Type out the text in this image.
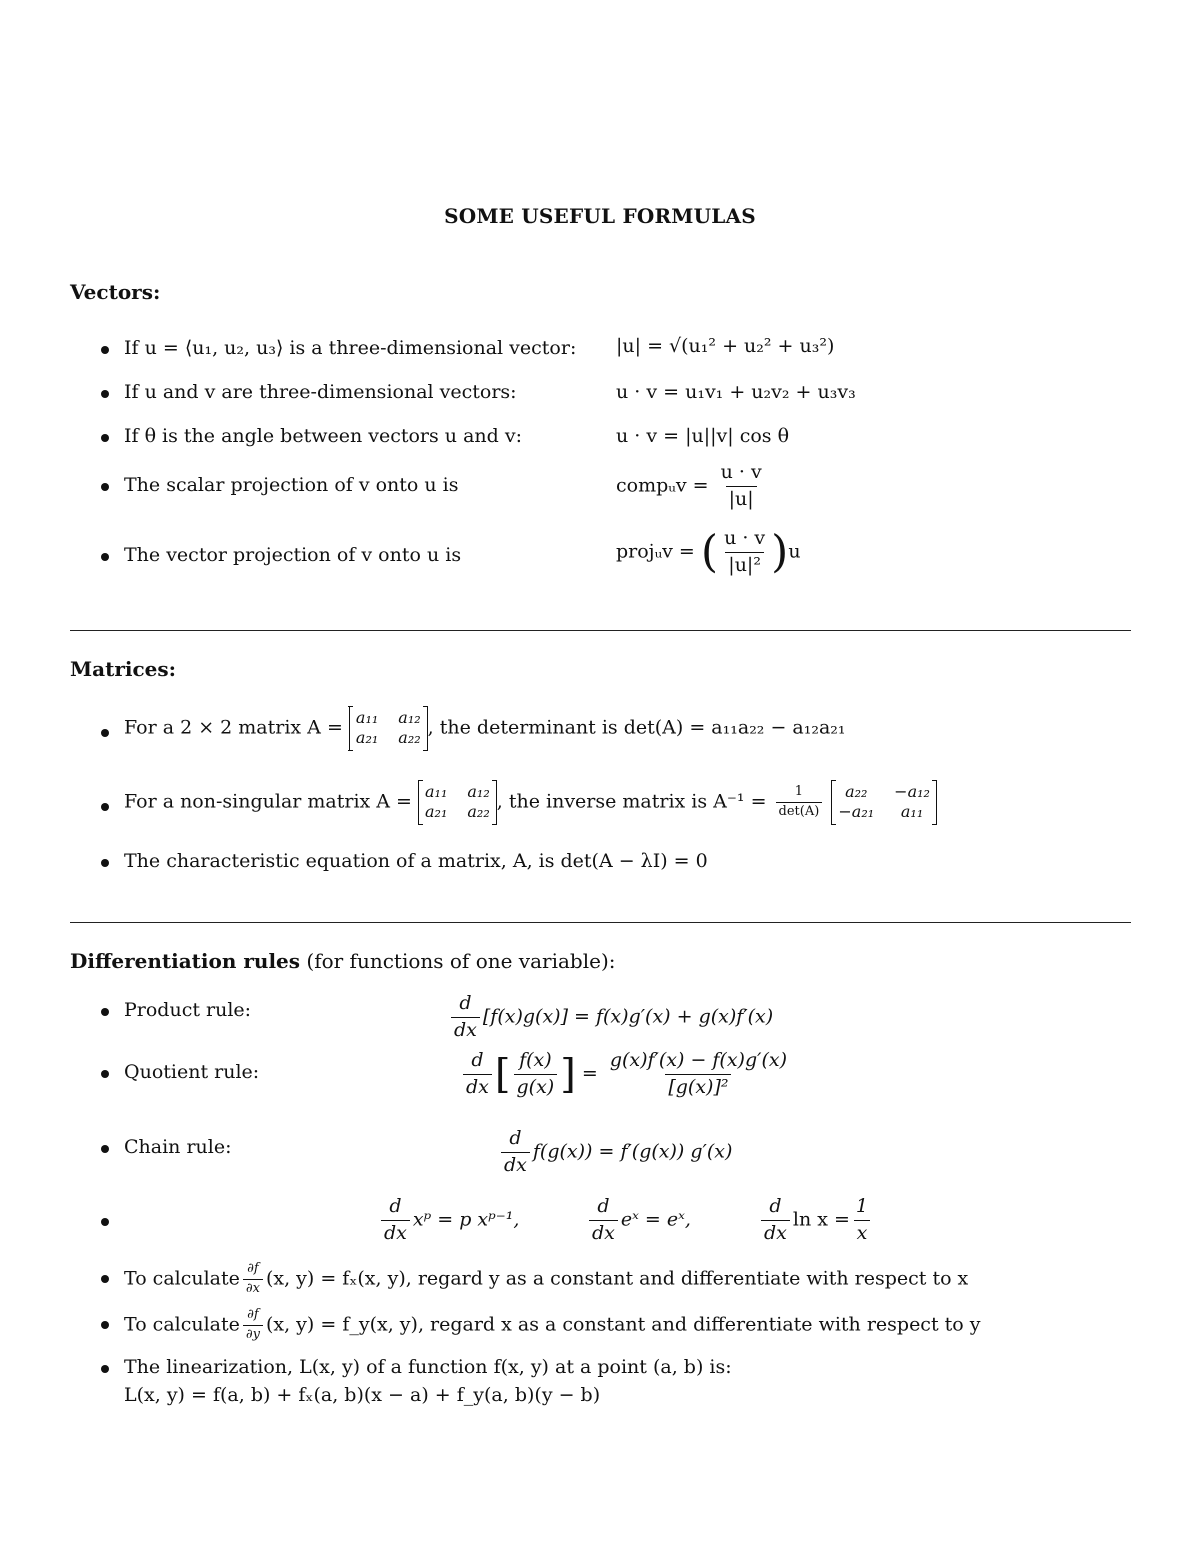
SOME USEFUL FORMULAS
Vectors:
If u = ⟨u₁, u₂, u₃⟩ is a three-dimensional vector: |u| = √(u₁² + u₂² + u₃²)
If u and v are three-dimensional vectors:	u · v = u₁v₁ + u₂v₂ + u₃v₃
If θ is the angle between vectors u and v:	u · v = |u||v| cos θ
The scalar projection of v onto u is	compᵤv = $\frac{u \cdot v}{|u|}$
The vector projection of v onto u is	projᵤv = ( $\frac{u \cdot v}{\text{|u|²}} )u$
Matrices:
For a 2 × 2 matrix A = a₁₁ a₁₂
a₂₁ a₂₂ , the determinant is det(A) = a₁₁a₂₂ − a₁₂a₂₁
For a non-singular matrix A = a₁₁ a₁₂
a₂₁ a₂₂ , the inverse matrix is $A^{-1} = \frac{1}{\det(A)}$
	a₂₂	−a₁₂
−a₂₁	a₁₁
The characteristic equation of a matrix, A, is det(A − λI) = 0
Differentiation rules (for functions of one variable):
Product rule:	$\frac{d}{dx} [f(x)g(x)] = f(x)g'(x) + g(x)f'(x)$
Quotient rule:	$\frac{d}{dx}$ [ $\frac{f(x)}{g(x)}$ ] = $\frac{g(x)f'(x) - f(x)g'(x)}{\text{[g(x)]²}}$
Chain rule:	$\frac{d}{dx} f(g(x)) = f'(g(x))$ g′(x)
$\frac{d}{dx}$ xᵖ = p xᵖ⁻¹,	$\frac{d}{dx}$ eˣ = eˣ,	$\frac{d}{dx}$ $\ln x = \frac{1}{x}$
To calculate $\frac{\partial f}{\partial x} (x$, y) = fₓ(x, y), regard y as a constant and differentiate with respect to x
To calculate $\frac{\partial f}{\partial y} (x$, y) = f_y(x, y), regard x as a constant and differentiate with respect to y
The linearization, L(x, y) of a function f(x, y) at a point (a, b) is:
L(x, y) = f(a, b) + fₓ(a, b)(x − a) + f_y(a, b)(y − b)
